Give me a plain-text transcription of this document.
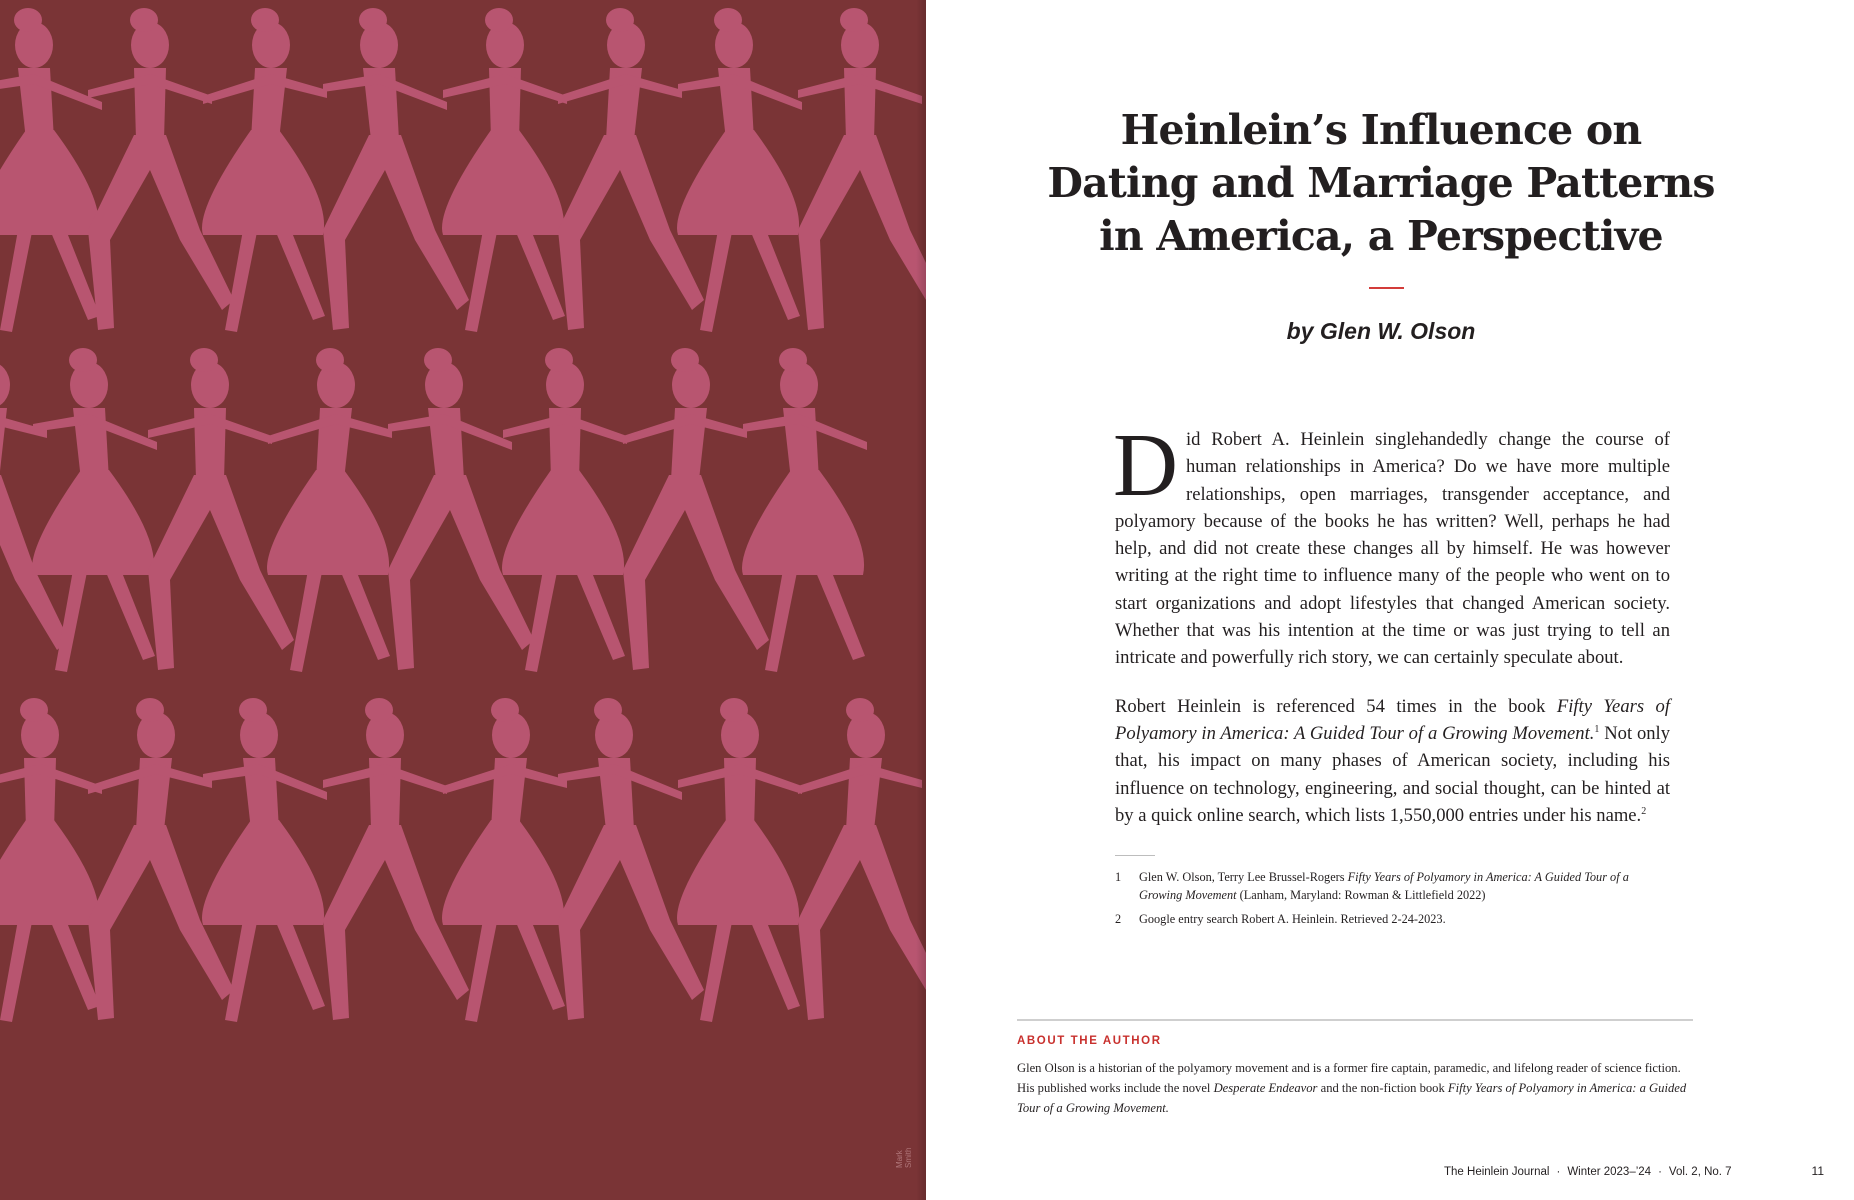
Mark Smith
Heinlein’s Influence on Dating and Marriage Patterns in America, a Perspective
by Glen W. Olson

Did Robert A. Heinlein singlehandedly change the course of human relationships in America? Do we have more multiple relationships, open marriages, transgender acceptance, and polyamory because of the books he has written? Well, perhaps he had help, and did not create these changes all by himself. He was however writing at the right time to influence many of the people who went on to start organizations and adopt lifestyles that changed American society. Whether that was his intention at the time or was just trying to tell an intricate and powerfully rich story, we can certainly speculate about.

Robert Heinlein is referenced 54 times in the book Fifty Years of Polyamory in America: A Guided Tour of a Growing Movement.$^1$ Not only that, his impact on many phases of American society, including his influence on technology, engineering, and social thought, can be hinted at by a quick online search, which lists 1,550,000 entries under his name.$^2$

1	Glen W. Olson, Terry Lee Brussel-Rogers Fifty Years of Polyamory in America: A Guided Tour of a Growing Movement (Lanham, Maryland: Rowman & Littlefield 2022)
2	Google entry search Robert A. Heinlein. Retrieved 2-24-2023.
ABOUT THE AUTHOR
Glen Olson is a historian of the polyamory movement and is a former fire captain, paramedic, and lifelong reader of science fiction. His published works include the novel Desperate Endeavor and the non-fiction book Fifty Years of Polyamory in America: a Guided Tour of a Growing Movement.
The Heinlein Journal · Winter 2023–’24 · Vol. 2, No. 7	11
